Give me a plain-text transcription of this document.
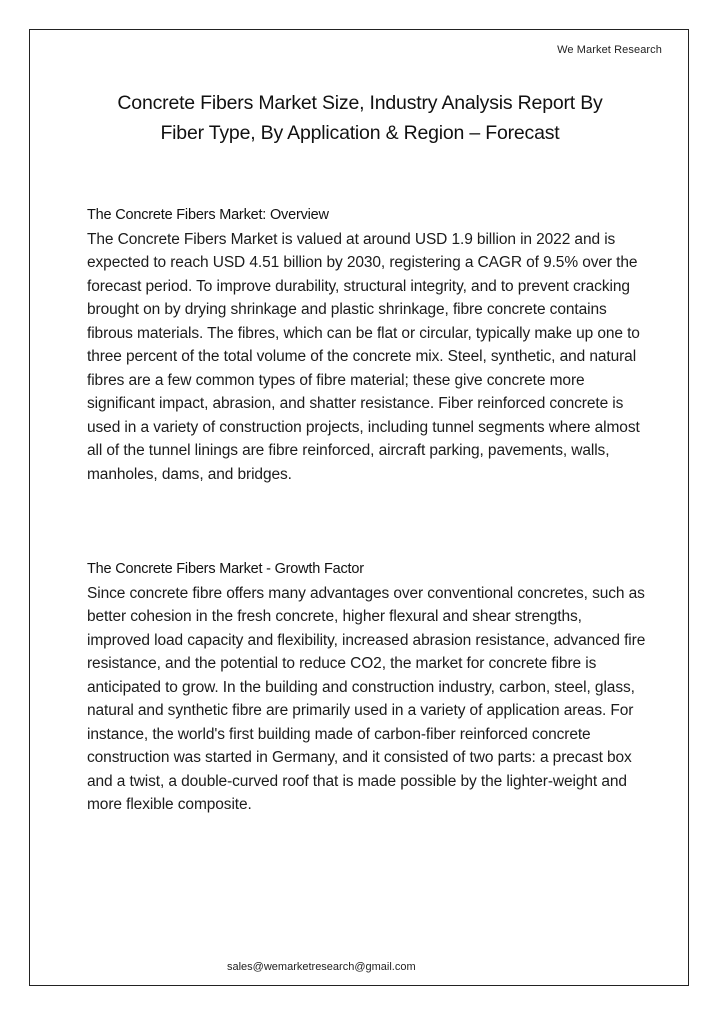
We Market Research
Concrete Fibers Market Size, Industry Analysis Report By
Fiber Type, By Application & Region – Forecast
The Concrete Fibers Market: Overview

The Concrete Fibers Market is valued at around USD 1.9 billion in 2022 and is expected to reach USD 4.51 billion by 2030, registering a CAGR of 9.5% over the forecast period. To improve durability, structural integrity, and to prevent cracking brought on by drying shrinkage and plastic shrinkage, fibre concrete contains fibrous materials. The fibres, which can be flat or circular, typically make up one to three percent of the total volume of the concrete mix. Steel, synthetic, and natural fibres are a few common types of fibre material; these give concrete more significant impact, abrasion, and shatter resistance. Fiber reinforced concrete is used in a variety of construction projects, including tunnel segments where almost all of the tunnel linings are fibre reinforced, aircraft parking, pavements, walls, manholes, dams, and bridges.

The Concrete Fibers Market - Growth Factor

Since concrete fibre offers many advantages over conventional concretes, such as better cohesion in the fresh concrete, higher flexural and shear strengths, improved load capacity and flexibility, increased abrasion resistance, advanced fire resistance, and the potential to reduce CO2, the market for concrete fibre is anticipated to grow. In the building and construction industry, carbon, steel, glass, natural and synthetic fibre are primarily used in a variety of application areas. For instance, the world's first building made of carbon-fiber reinforced concrete construction was started in Germany, and it consisted of two parts: a precast box and a twist, a double-curved roof that is made possible by the lighter-weight and more flexible composite.

sales@wemarketresearch@gmail.com
